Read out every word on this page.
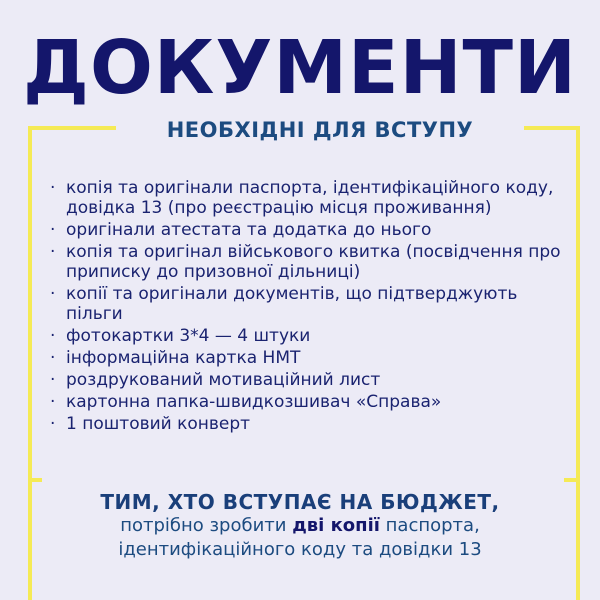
ДОКУМЕНТИ
НЕОБХІДНІ ДЛЯ ВСТУПУ
· копія та оригінали паспорта, ідентифікаційного коду, довідка 13 (про реєстрацію місця проживання)
· оригінали атестата та додатка до нього
· копія та оригінал військового квитка (посвідчення про приписку до призовної дільниці)
· копії та оригінали документів, що підтверджують пільги
· фотокартки 3*4 — 4 штуки
· інформаційна картка НМТ
· роздрукований мотиваційний лист
· картонна папка-швидкозшивач «Справа»
· 1 поштовий конверт
ТИМ, ХТО ВСТУПАЄ НА БЮДЖЕТ,
потрібно зробити дві копії паспорта,
ідентифікаційного коду та довідки 13
